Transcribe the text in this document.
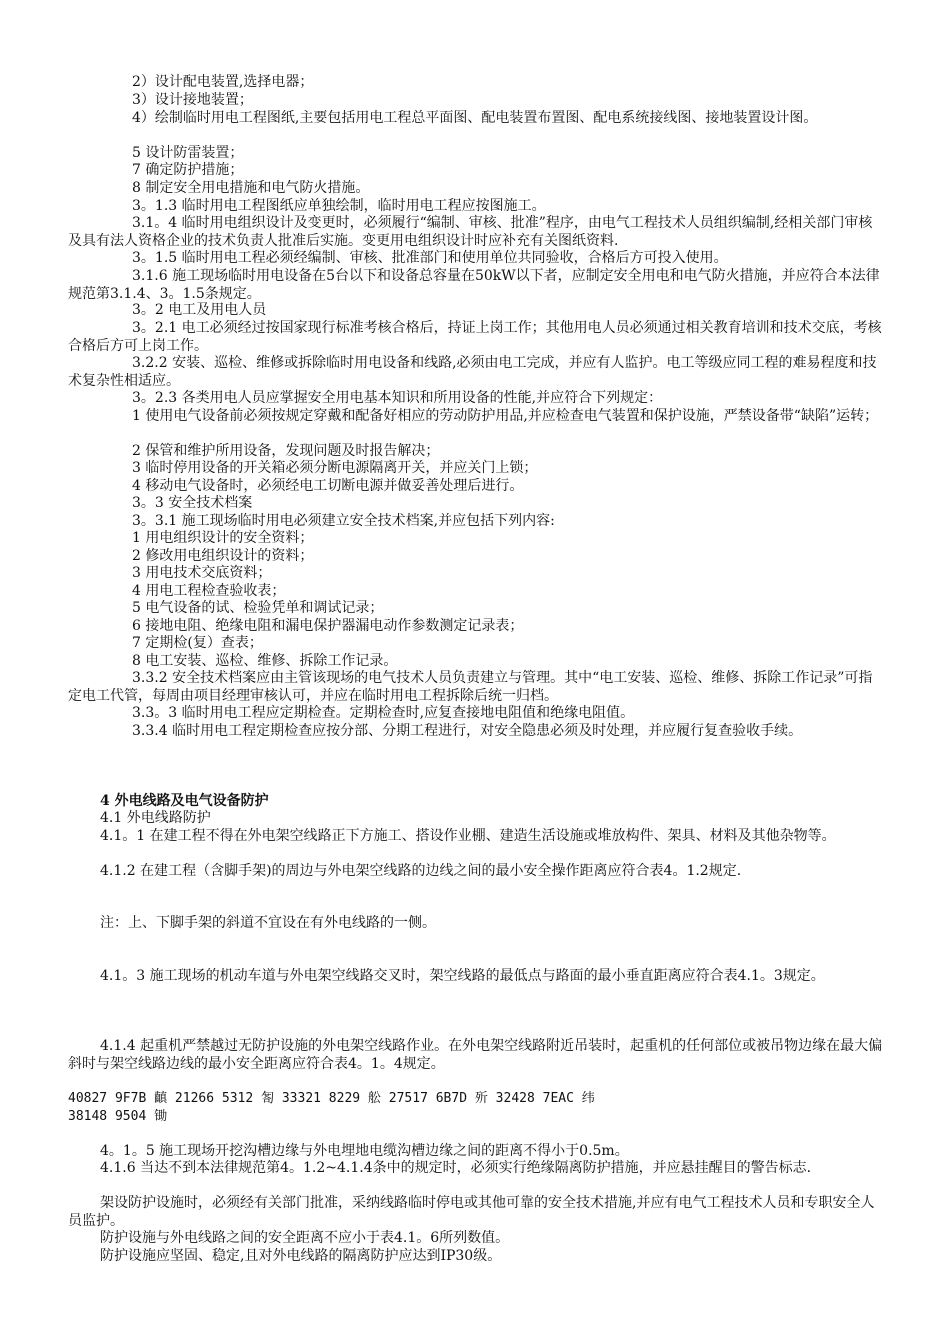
2）设计配电装置,选择电器；

3）设计接地装置；

4）绘制临时用电工程图纸,主要包括用电工程总平面图、配电装置布置图、配电系统接线图、接地装置设计图。

5 设计防雷装置；

7 确定防护措施；

8 制定安全用电措施和电气防火措施。

3。1.3 临时用电工程图纸应单独绘制，临时用电工程应按图施工。

3.1。4 临时用电组织设计及变更时，必须履行“编制、审核、批准”程序，由电气工程技术人员组织编制,经相关部门审核及具有法人资格企业的技术负责人批准后实施。变更用电组织设计时应补充有关图纸资料.

3。1.5 临时用电工程必须经编制、审核、批准部门和使用单位共同验收，合格后方可投入使用。

3.1.6 施工现场临时用电设备在5台以下和设备总容量在50kW以下者，应制定安全用电和电气防火措施，并应符合本法律规范第3.1.4、3。1.5条规定。

3。2 电工及用电人员

3。2.1 电工必须经过按国家现行标准考核合格后，持证上岗工作；其他用电人员必须通过相关教育培训和技术交底，考核合格后方可上岗工作。

3.2.2 安装、巡检、维修或拆除临时用电设备和线路,必须由电工完成，并应有人监护。电工等级应同工程的难易程度和技术复杂性相适应。

3。2.3 各类用电人员应掌握安全用电基本知识和所用设备的性能,并应符合下列规定：

1 使用电气设备前必须按规定穿戴和配备好相应的劳动防护用品,并应检查电气装置和保护设施，严禁设备带“缺陷”运转；

2 保管和维护所用设备，发现问题及时报告解决；

3 临时停用设备的开关箱必须分断电源隔离开关，并应关门上锁；

4 移动电气设备时，必须经电工切断电源并做妥善处理后进行。

3。3 安全技术档案

3。3.1 施工现场临时用电必须建立安全技术档案,并应包括下列内容:

1 用电组织设计的安全资料；

2 修改用电组织设计的资料；

3 用电技术交底资料；

4 用电工程检查验收表；

5 电气设备的试、检验凭单和调试记录；

6 接地电阻、绝缘电阻和漏电保护器漏电动作参数测定记录表；

7 定期检(复）查表；

8 电工安装、巡检、维修、拆除工作记录。

3.3.2 安全技术档案应由主管该现场的电气技术人员负责建立与管理。其中“电工安装、巡检、维修、拆除工作记录”可指定电工代管，每周由项目经理审核认可，并应在临时用电工程拆除后统一归档。

3.3。3 临时用电工程应定期检查。定期检查时,应复查接地电阻值和绝缘电阻值。

3.3.4 临时用电工程定期检查应按分部、分期工程进行，对安全隐患必须及时处理，并应履行复查验收手续。

4 外电线路及电气设备防护

4.1 外电线路防护

4.1。1 在建工程不得在外电架空线路正下方施工、搭设作业棚、建造生活设施或堆放构件、架具、材料及其他杂物等。

4.1.2 在建工程（含脚手架)的周边与外电架空线路的边线之间的最小安全操作距离应符合表4。1.2规定.

注：上、下脚手架的斜道不宜设在有外电线路的一侧。

4.1。3 施工现场的机动车道与外电架空线路交叉时，架空线路的最低点与路面的最小垂直距离应符合表4.1。3规定。

4.1.4 起重机严禁越过无防护设施的外电架空线路作业。在外电架空线路附近吊装时，起重机的任何部位或被吊物边缘在最大偏斜时与架空线路边线的最小安全距离应符合表4。1。4规定。

40827 9F7B 齻 21266 5312 匒 33321 8229 舩 27517 6B7D 歽 32428 7EAC 纬

38148 9504 锄

4。1。5 施工现场开挖沟槽边缘与外电埋地电缆沟槽边缘之间的距离不得小于0.5m。

4.1.6 当达不到本法律规范第4。1.2~4.1.4条中的规定时，必须实行绝缘隔离防护措施，并应悬挂醒目的警告标志.

架设防护设施时，必须经有关部门批准，采纳线路临时停电或其他可靠的安全技术措施,并应有电气工程技术人员和专职安全人员监护。

防护设施与外电线路之间的安全距离不应小于表4.1。6所列数值。

防护设施应坚固、稳定,且对外电线路的隔离防护应达到IP30级。
